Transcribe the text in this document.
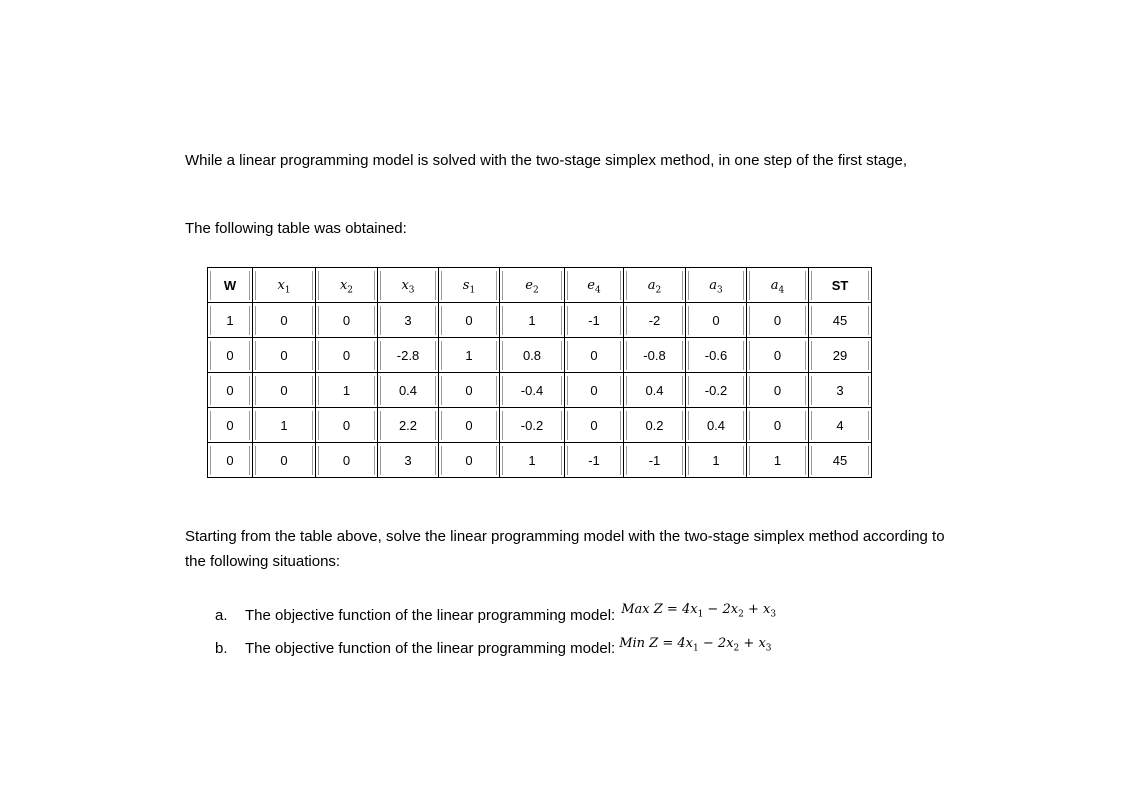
While a linear programming model is solved with the two-stage simplex method, in one step of the first stage,

The following table was obtained:

W	$x_1$	$x_2$	$x_3$	$s_1$	$e_2$	$e_4$	$a_2$	$a_3$	$a_4$	ST

1	0	0	3	0	1	-1	-2	0	0	45

0	0	0	-2.8	1	0.8	0	-0.8	-0.6	0	29

0	0	1	0.4	0	-0.4	0	0.4	-0.2	0	3

0	1	0	2.2	0	-0.2	0	0.2	0.4	0	4

0	0	0	3	0	1	-1	-1	1	1	45

Starting from the table above, solve the linear programming model with the two-stage simplex method according to the following situations:

a. The objective function of the linear programming model: Max $Z = 4x_1 - 2x_2 + x_3$
b. The objective function of the linear programming model: Min $Z = 4x_1 - 2x_2 + x_3$
